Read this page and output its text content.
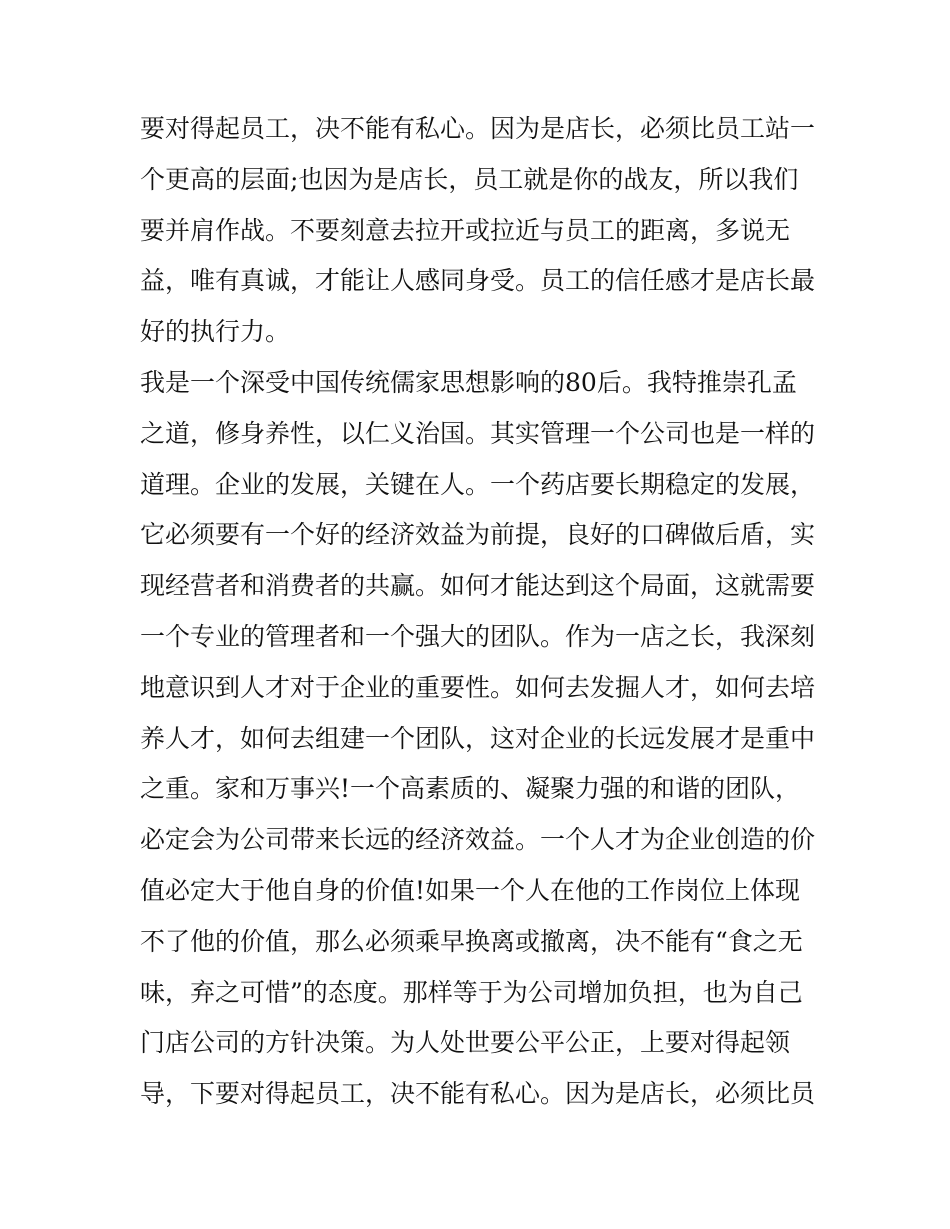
要对得起员工，决不能有私心。因为是店长，必须比员工站一
个更高的层面;也因为是店长，员工就是你的战友，所以我们
要并肩作战。不要刻意去拉开或拉近与员工的距离，多说无
益，唯有真诚，才能让人感同身受。员工的信任感才是店长最
好的执行力。
我是一个深受中国传统儒家思想影响的80后。我特推崇孔孟
之道，修身养性，以仁义治国。其实管理一个公司也是一样的
道理。企业的发展，关键在人。一个药店要长期稳定的发展，
它必须要有一个好的经济效益为前提，良好的口碑做后盾，实
现经营者和消费者的共赢。如何才能达到这个局面，这就需要
一个专业的管理者和一个强大的团队。作为一店之长，我深刻
地意识到人才对于企业的重要性。如何去发掘人才，如何去培
养人才，如何去组建一个团队，这对企业的长远发展才是重中
之重。家和万事兴!一个高素质的、凝聚力强的和谐的团队，
必定会为公司带来长远的经济效益。一个人才为企业创造的价
值必定大于他自身的价值!如果一个人在他的工作岗位上体现
不了他的价值，那么必须乘早换离或撤离，决不能有“食之无
味，弃之可惜”的态度。那样等于为公司增加负担，也为自己
门店公司的方针决策。为人处世要公平公正，上要对得起领
导，下要对得起员工，决不能有私心。因为是店长，必须比员
